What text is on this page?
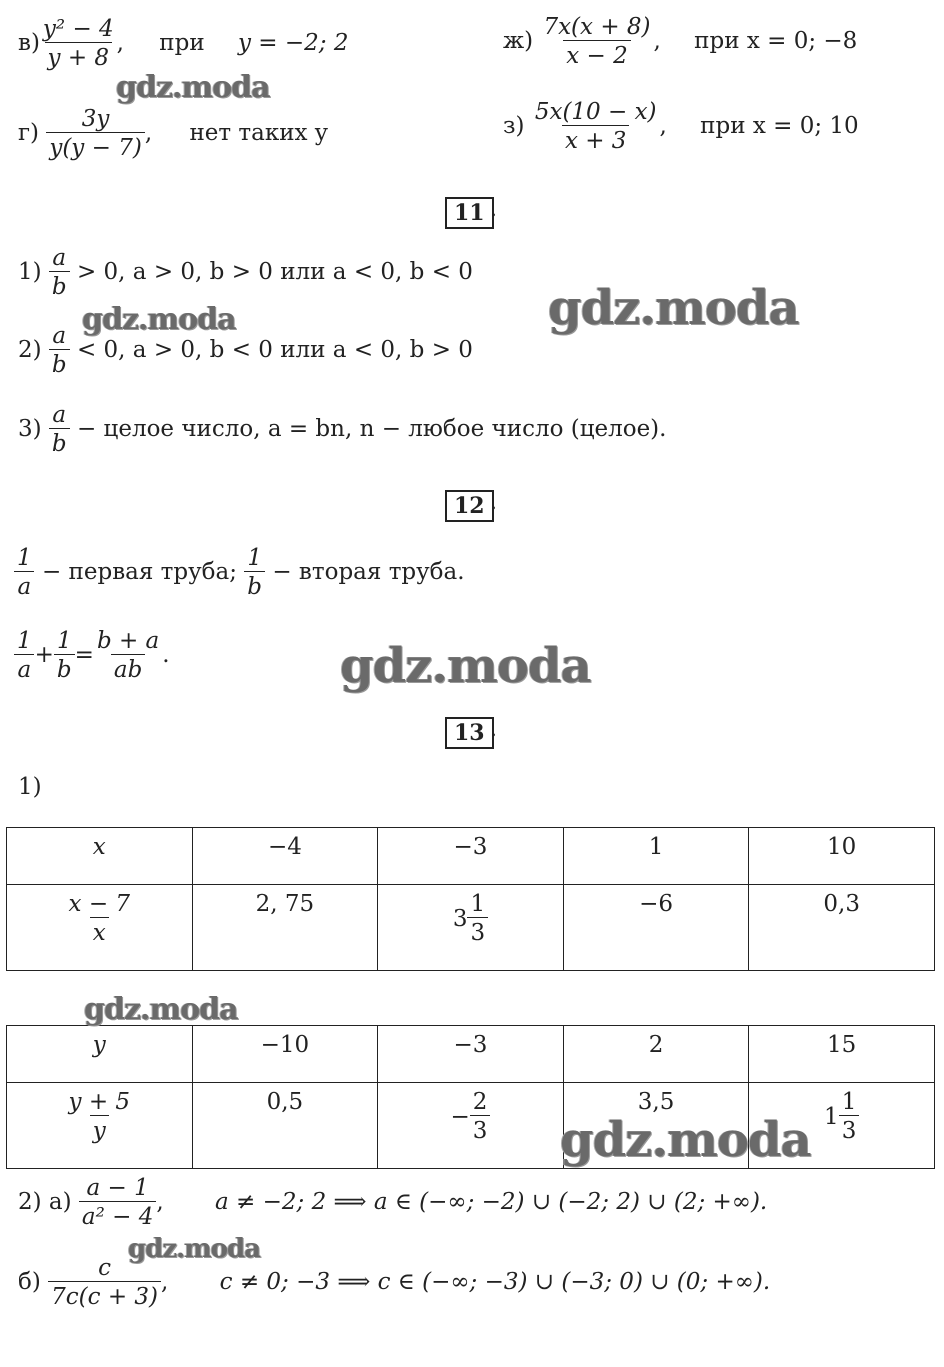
$в) \frac{\text{y² − 4}}{y + 8}$ , при y = −2; 2
$г) \frac{3y}{y(y - 7)}$ , нет таких y
$ж) \frac{7x(x + 8)}{x - 2}$ , при x = 0; −8
$з) \frac{5x(10 - x)}{x + 3}$ , при x = 0; 10
11 .
$1) \frac{a}{b} > 0$, a > 0, b > 0 или a < 0, b < 0
$2) \frac{a}{b} < 0$, a > 0, b < 0 или a < 0, b > 0
$3) \frac{a}{b}$ − целое число, a = bn, n − любое число (целое).
12 .
$\frac{1}{a}$ − первая труба; $\frac{1}{b}$ − вторая труба.
$\frac{1}{a} + \frac{1}{b} = \frac{b + a}{ab}$ .
13 .
1)
x	−4	−3	1	10

$\frac{x - 7}{x}$	2, 75	$3 \frac{1}{3}$	−6	0,3
y	−10	−3	2	15

$\frac{y + 5}{y}$	0,5	− $\frac{2}{3}$	3,5	$1 \frac{1}{3}$
2) $а) \frac{a - 1}{\text{a² − 4}}$ , a ≠ −2; 2 ⟹ a ∈ (−∞; −2) ∪ (−2; 2) ∪ (2; +∞).
$б) \frac{c}{7c(c + 3)}$ , c ≠ 0; −3 ⟹ c ∈ (−∞; −3) ∪ (−3; 0) ∪ (0; +∞).
gdz.moda
gdz.moda	gdz.moda
gdz.moda
gdz.moda
gdz.moda
gdz.moda
